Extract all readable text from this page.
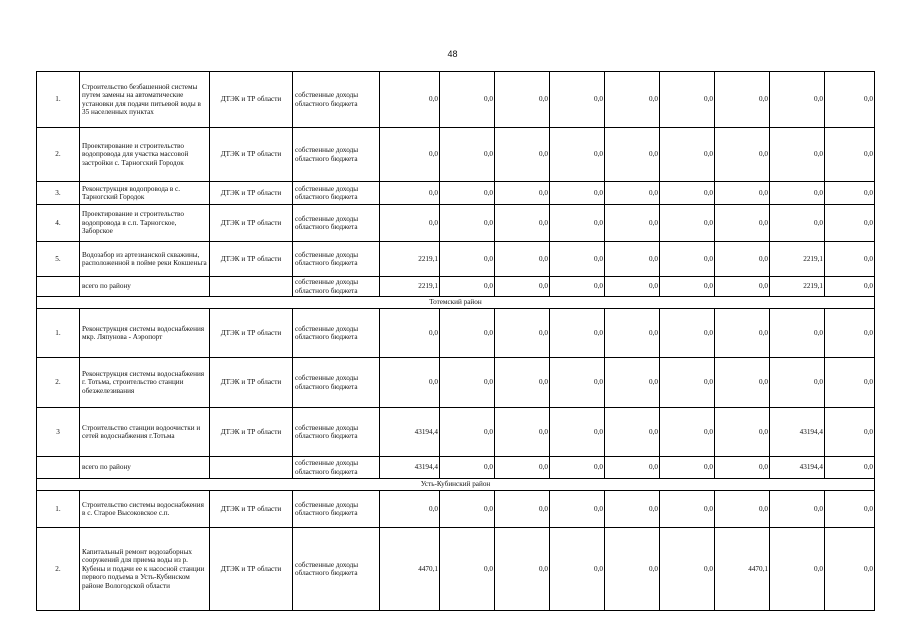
48
1.	Строительство безбашенной системы путем замены на автоматические установки для подачи питьевой воды в 35 населенных пунктах	ДТЭК и ТР области	собственные доходы областного бюджета	0,0	0,0	0,0	0,0	0,0	0,0	0,0	0,0	0,0
2.	Проектирование и строительство водопровода для участка массовой застройки с. Тарногский Городок	ДТЭК и ТР области	собственные доходы областного бюджета	0,0	0,0	0,0	0,0	0,0	0,0	0,0	0,0	0,0
3.	Реконструкция водопровода в с. Тарногский Городок	ДТЭК и ТР области	собственные доходы областного бюджета	0,0	0,0	0,0	0,0	0,0	0,0	0,0	0,0	0,0
4.	Проектирование и строительство водопровода в с.п. Тарногское, Заборское	ДТЭК и ТР области	собственные доходы областного бюджета	0,0	0,0	0,0	0,0	0,0	0,0	0,0	0,0	0,0
5.	Водозабор из артезианской скважины, расположенной в пойме реки Кокшеньга	ДТЭК и ТР области	собственные доходы областного бюджета	2219,1	0,0	0,0	0,0	0,0	0,0	0,0	2219,1	0,0
	всего по району		собственные доходы областного бюджета	2219,1	0,0	0,0	0,0	0,0	0,0	0,0	2219,1	0,0
Тотемский район												
1.	Реконструкция системы водоснабжения мкр. Ляпунова - Аэропорт	ДТЭК и ТР области	собственные доходы областного бюджета	0,0	0,0	0,0	0,0	0,0	0,0	0,0	0,0	0,0
2.	Реконструкция системы водоснабжения г. Тотьма, строительство станции обезжелезивания	ДТЭК и ТР области	собственные доходы областного бюджета	0,0	0,0	0,0	0,0	0,0	0,0	0,0	0,0	0,0
3	Строительство станции водоочистки и сетей водоснабжения г.Тотьма	ДТЭК и ТР области	собственные доходы областного бюджета	43194,4	0,0	0,0	0,0	0,0	0,0	0,0	43194,4	0,0
	всего по району		собственные доходы областного бюджета	43194,4	0,0	0,0	0,0	0,0	0,0	0,0	43194,4	0,0
Усть-Кубинский район												
1.	Строительство системы водоснабжения в с. Старое Высоковское с.п.	ДТЭК и ТР области	собственные доходы областного бюджета	0,0	0,0	0,0	0,0	0,0	0,0	0,0	0,0	0,0
2.	Капитальный ремонт водозаборных сооружений для приема воды из р. Кубены и подачи ее к насосной станции первого подъема в Усть-Кубинском районе Вологодской области	ДТЭК и ТР области	собственные доходы областного бюджета	4470,1	0,0	0,0	0,0	0,0	0,0	4470,1	0,0	0,0
